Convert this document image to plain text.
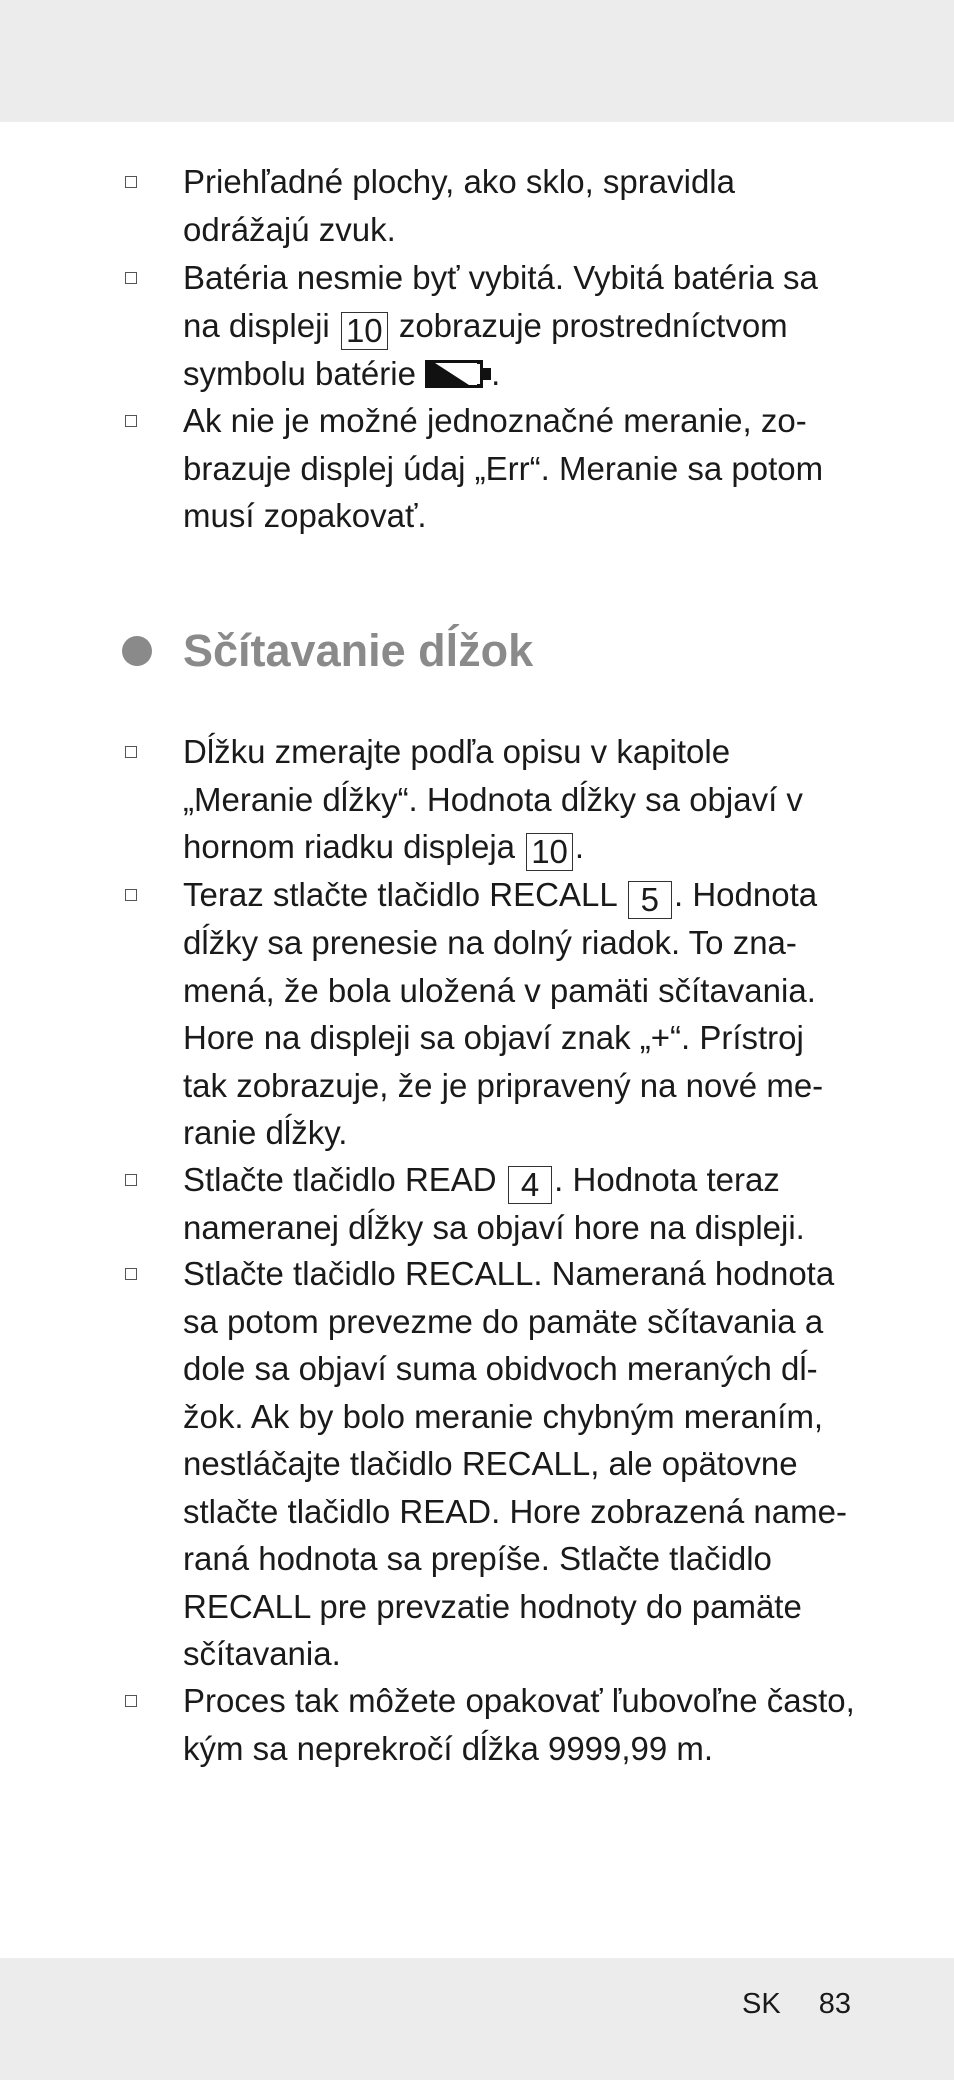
Priehľadné plochy, ako sklo, spravidla
odrážajú zvuk.
Batéria nesmie byť vybitá. Vybitá batéria sa
na displeji 10 zobrazuje prostredníctvom
symbolu batérie .
Ak nie je možné jednoznačné meranie, zo-
brazuje displej údaj „Err“. Meranie sa potom
musí zopakovať.
Sčítavanie dĺžok
Dĺžku zmerajte podľa opisu v kapitole
„Meranie dĺžky“. Hodnota dĺžky sa objaví v
hornom riadku displeja 10 .
Teraz stlačte tlačidlo RECALL 5 . Hodnota
dĺžky sa prenesie na dolný riadok. To zna-
mená, že bola uložená v pamäti sčítavania.
Hore na displeji sa objaví znak „+“. Prístroj
tak zobrazuje, že je pripravený na nové me-
ranie dĺžky.
Stlačte tlačidlo READ 4 . Hodnota teraz
nameranej dĺžky sa objaví hore na displeji.
Stlačte tlačidlo RECALL. Nameraná hodnota
sa potom prevezme do pamäte sčítavania a
dole sa objaví suma obidvoch meraných dĺ-
žok. Ak by bolo meranie chybným meraním,
nestláčajte tlačidlo RECALL, ale opätovne
stlačte tlačidlo READ. Hore zobrazená name-
raná hodnota sa prepíše. Stlačte tlačidlo
RECALL pre prevzatie hodnoty do pamäte
sčítavania.
Proces tak môžete opakovať ľubovoľne často,
kým sa neprekročí dĺžka 9999,99 m.
SK 83
